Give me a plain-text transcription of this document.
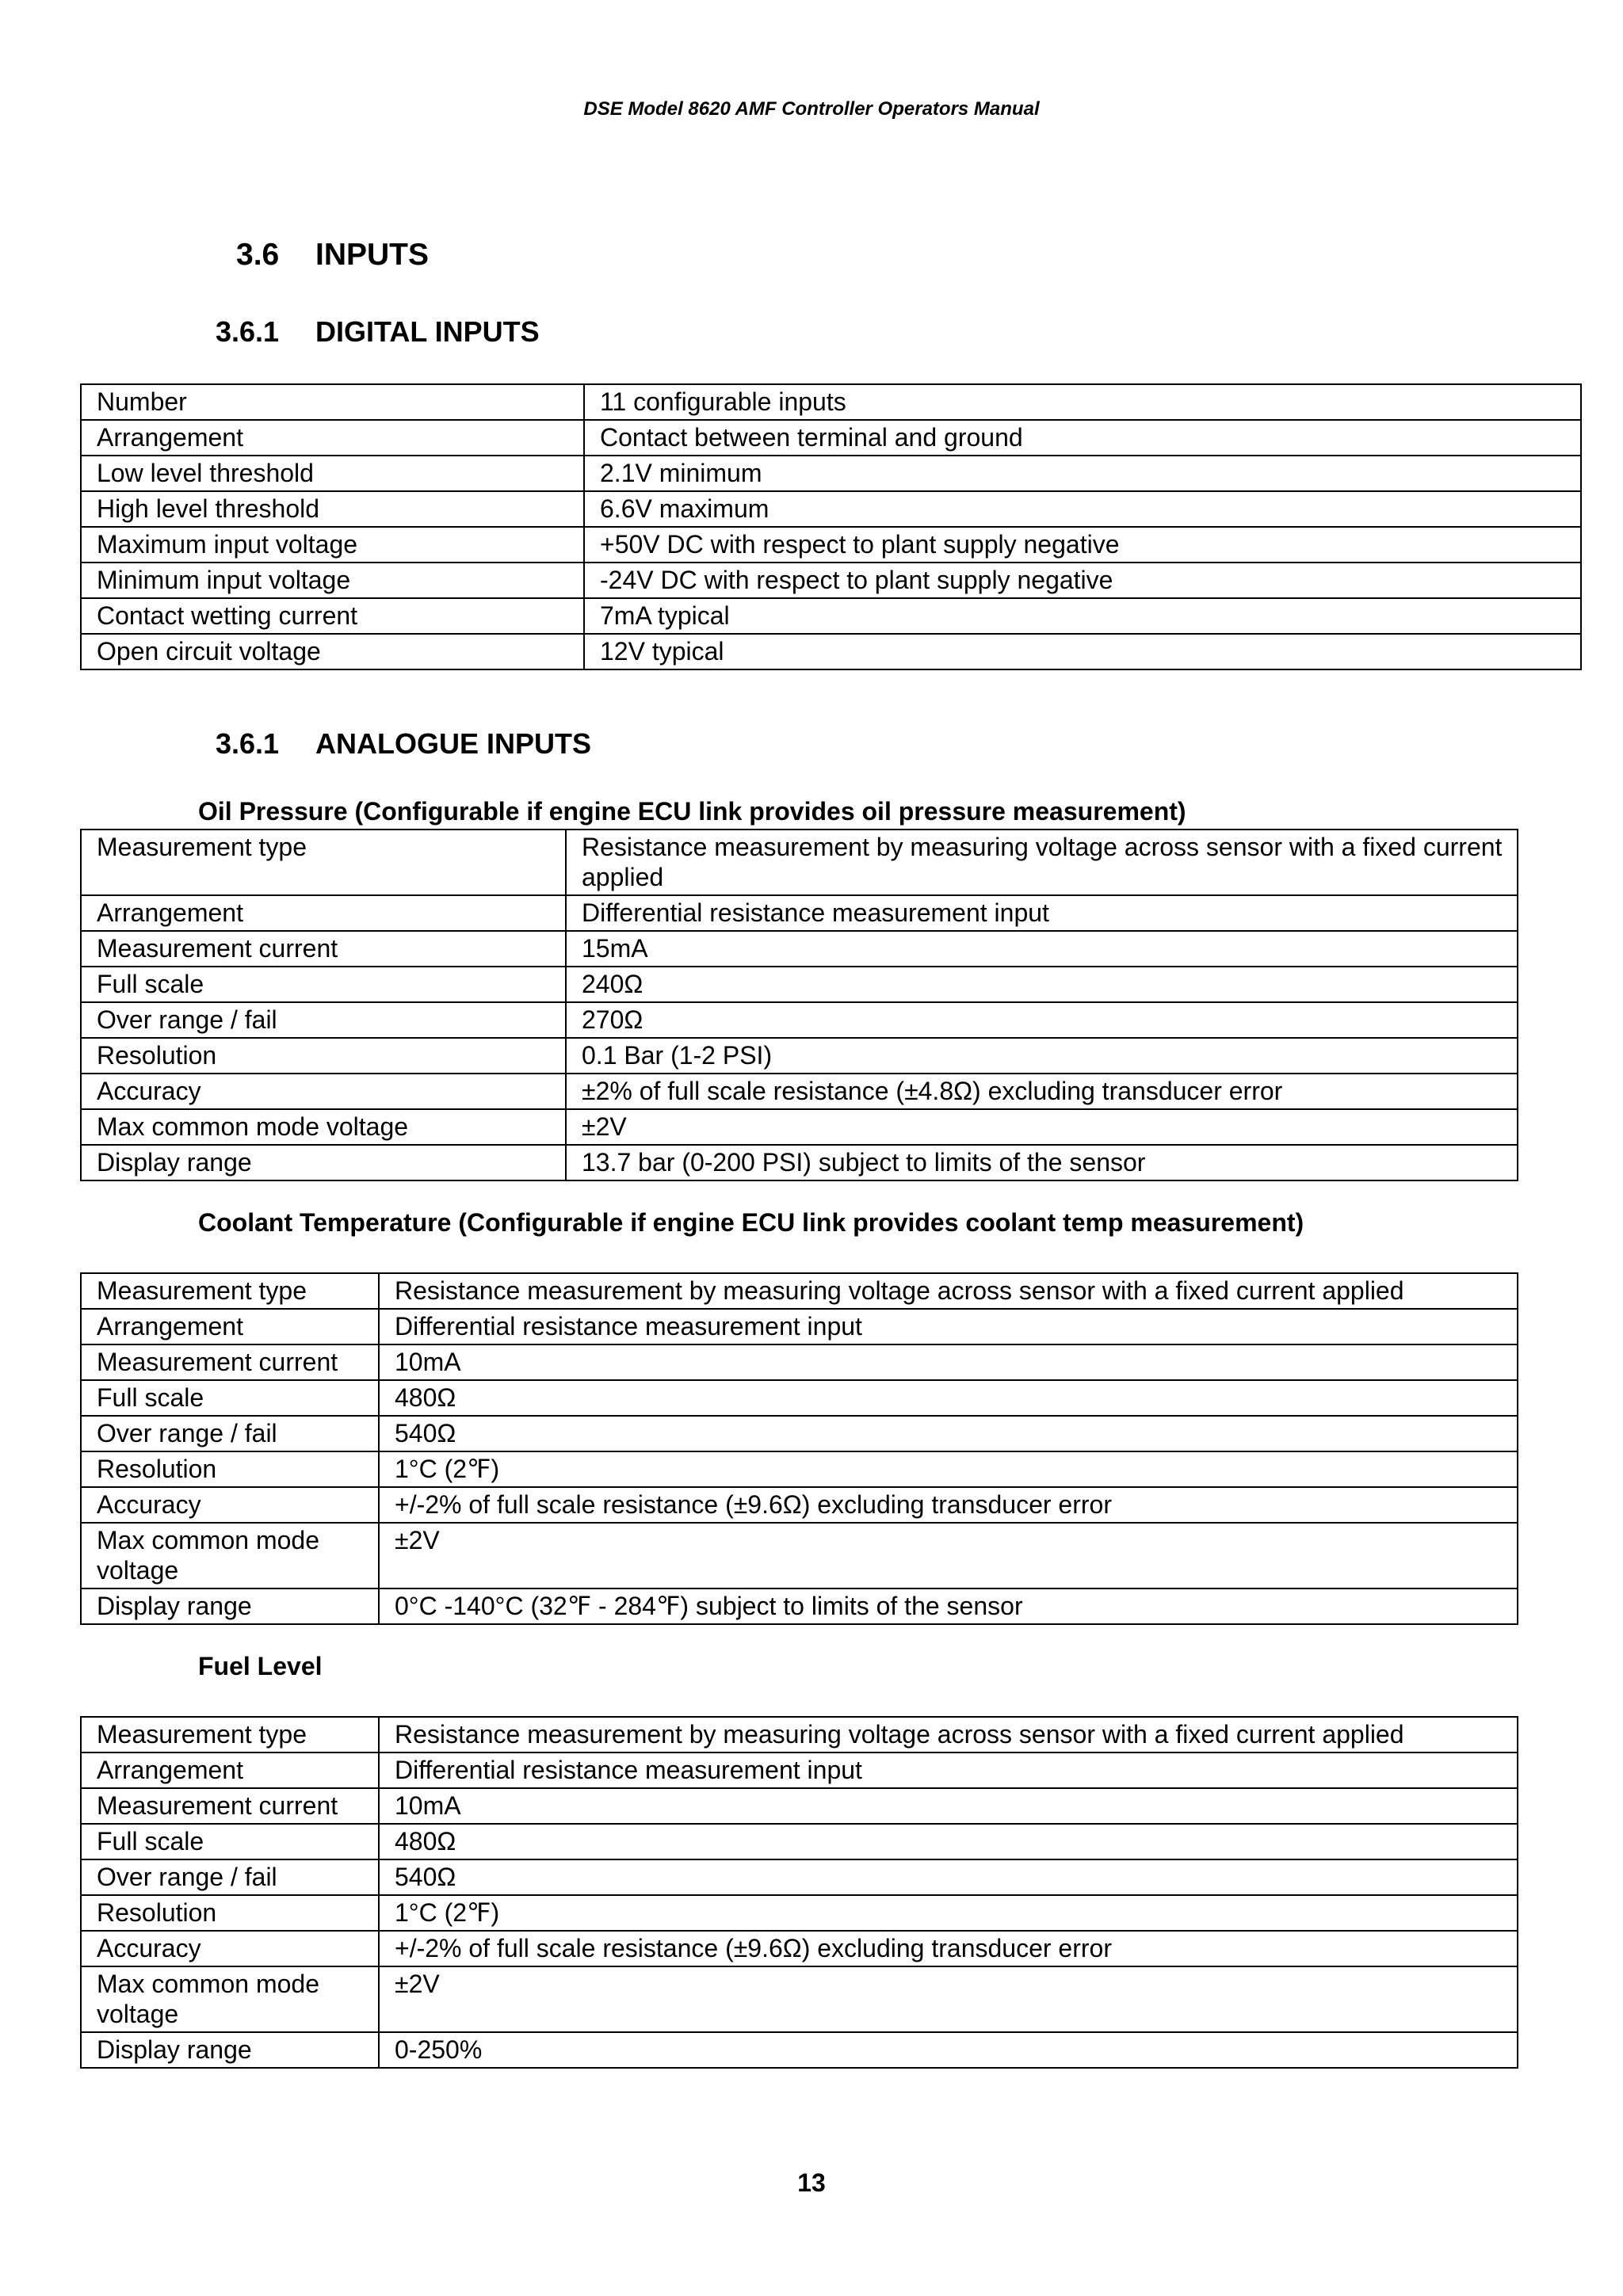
DSE Model 8620 AMF Controller Operators Manual
3.6 INPUTS
3.6.1 DIGITAL INPUTS
Number	11 configurable inputs
Arrangement	Contact between terminal and ground
Low level threshold	2.1V minimum
High level threshold	6.6V maximum
Maximum input voltage	+50V DC with respect to plant supply negative
Minimum input voltage	-24V DC with respect to plant supply negative
Contact wetting current	7mA typical
Open circuit voltage	12V typical
3.6.1 ANALOGUE INPUTS
Oil Pressure (Configurable if engine ECU link provides oil pressure measurement)
Measurement type	Resistance measurement by measuring voltage across sensor with a fixed current applied
Arrangement	Differential resistance measurement input
Measurement current	15mA
Full scale	240Ω
Over range / fail	270Ω
Resolution	0.1 Bar (1-2 PSI)
Accuracy	±2% of full scale resistance (±4.8Ω) excluding transducer error
Max common mode voltage	±2V
Display range	13.7 bar (0-200 PSI) subject to limits of the sensor
Coolant Temperature (Configurable if engine ECU link provides coolant temp measurement)
Measurement type	Resistance measurement by measuring voltage across sensor with a fixed current applied
Arrangement	Differential resistance measurement input
Measurement current	10mA
Full scale	480Ω
Over range / fail	540Ω
Resolution	1°C (2℉)
Accuracy	+/-2% of full scale resistance (±9.6Ω) excluding transducer error
Max common mode voltage	±2V
Display range	0°C -140°C (32℉ - 284℉) subject to limits of the sensor
Fuel Level
Measurement type	Resistance measurement by measuring voltage across sensor with a fixed current applied
Arrangement	Differential resistance measurement input
Measurement current	10mA
Full scale	480Ω
Over range / fail	540Ω
Resolution	1°C (2℉)
Accuracy	+/-2% of full scale resistance (±9.6Ω) excluding transducer error
Max common mode voltage	±2V
Display range	0-250%
13
